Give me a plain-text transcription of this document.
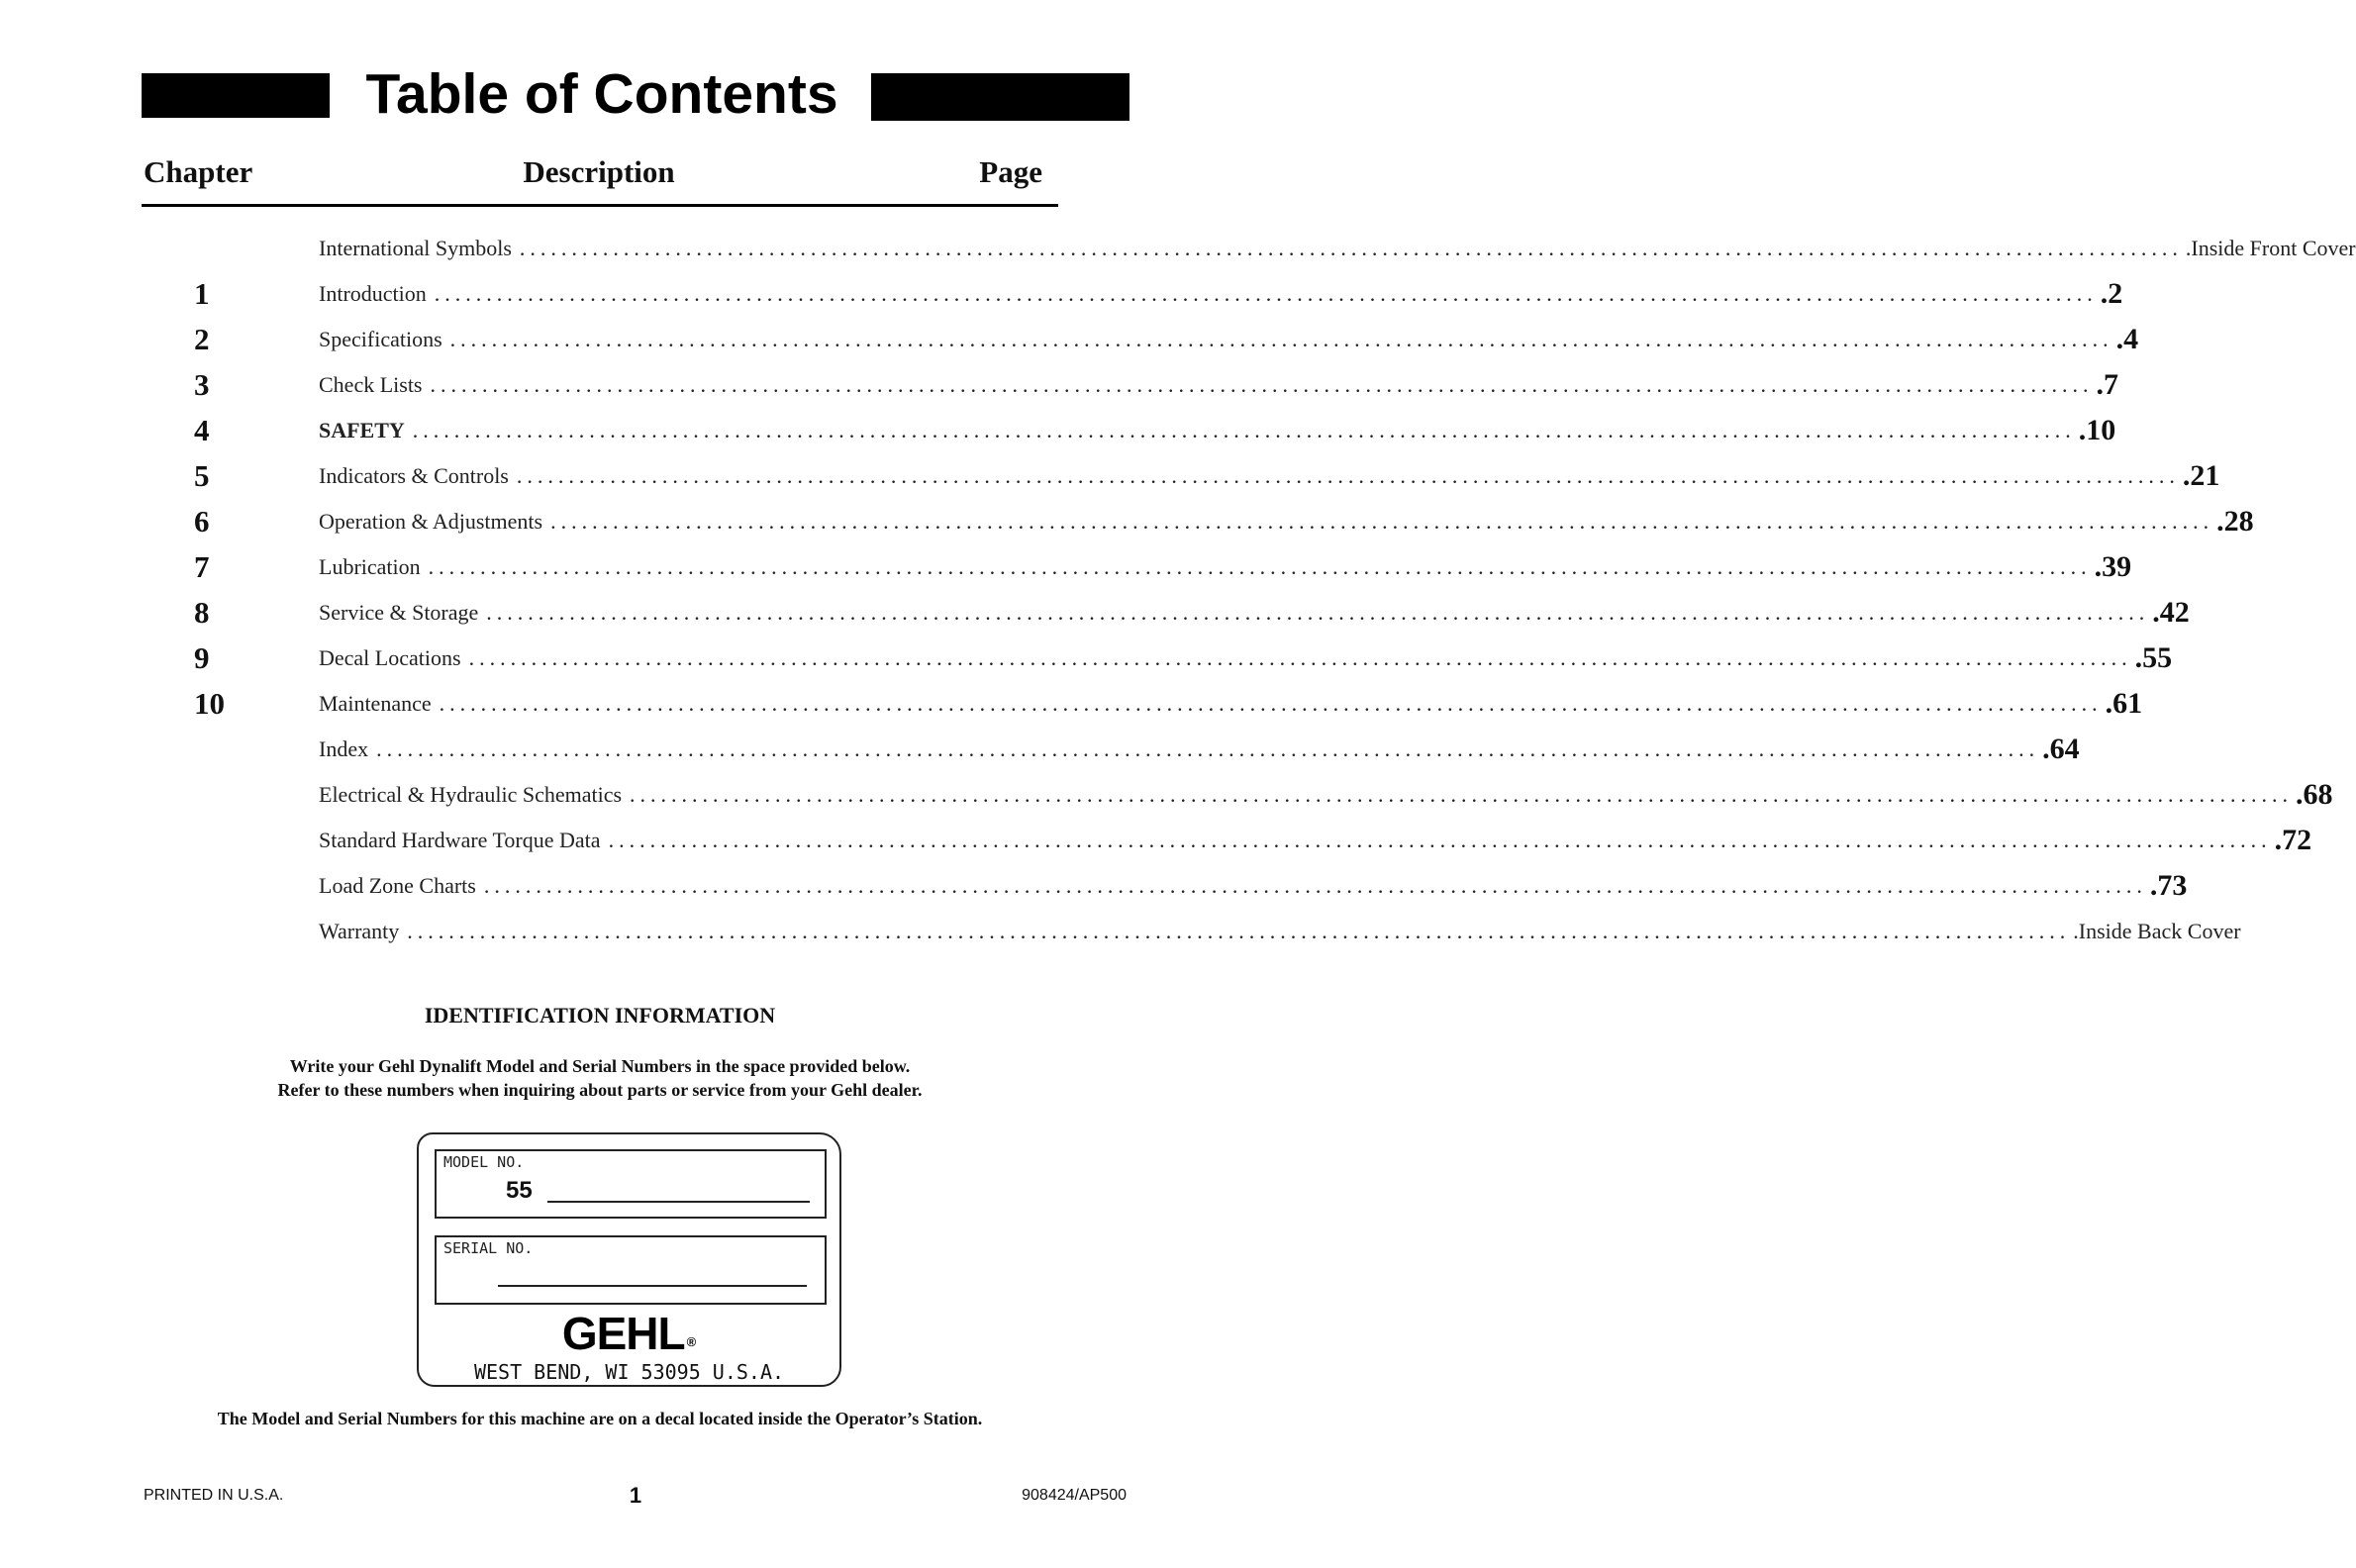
Table of Contents
Chapter	Description	Page
International Symbols ................................................................................................................................................................ .Inside Front Cover
1	Introduction ................................................................................................................................................................ .2
2	Specifications ................................................................................................................................................................ .4
3	Check Lists ................................................................................................................................................................ .7
4	SAFETY ................................................................................................................................................................ .10
5	Indicators & Controls ................................................................................................................................................................ .21
6	Operation & Adjustments ................................................................................................................................................................ .28
7	Lubrication ................................................................................................................................................................ .39
8	Service & Storage ................................................................................................................................................................ .42
9	Decal Locations ................................................................................................................................................................ .55
10	Maintenance ................................................................................................................................................................ .61
Index ................................................................................................................................................................ .64
Electrical & Hydraulic Schematics ................................................................................................................................................................ .68
Standard Hardware Torque Data ................................................................................................................................................................ .72
Load Zone Charts ................................................................................................................................................................ .73
Warranty ................................................................................................................................................................ .Inside Back Cover
IDENTIFICATION INFORMATION
Write your Gehl Dynalift Model and Serial Numbers in the space provided below.
Refer to these numbers when inquiring about parts or service from your Gehl dealer.
MODEL NO.
55
SERIAL NO.
GEHL ®
WEST BEND, WI 53095 U.S.A.
The Model and Serial Numbers for this machine are on a decal located inside the Operator’s Station.
PRINTED IN U.S.A.	1	908424/AP500
